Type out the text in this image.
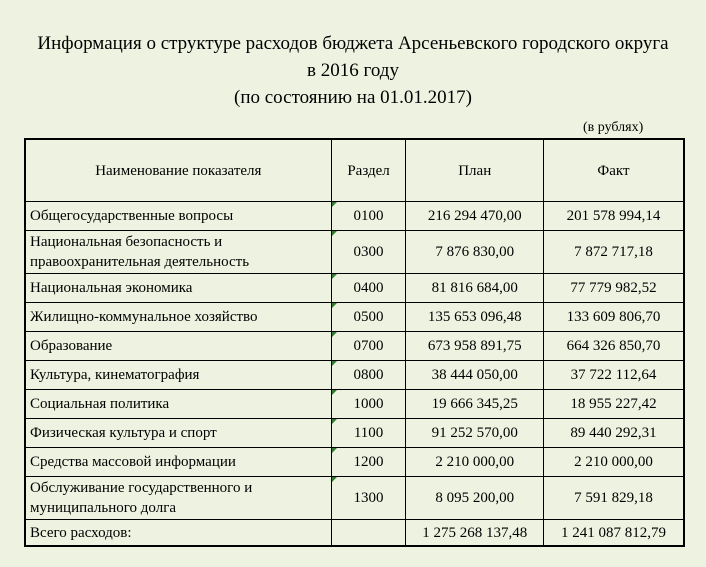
Информация о структуре расходов бюджета Арсеньевского городского округа
в 2016 году
(по состоянию на 01.01.2017)
(в рублях)
Наименование показателя	Раздел	План	Факт
Общегосударственные вопросы	0100	216 294 470,00	201 578 994,14
Национальная безопасность и правоохранительная деятельность	0300	7 876 830,00	7 872 717,18
Национальная экономика	0400	81 816 684,00	77 779 982,52
Жилищно-коммунальное хозяйство	0500	135 653 096,48	133 609 806,70
Образование	0700	673 958 891,75	664 326 850,70
Культура, кинематография	0800	38 444 050,00	37 722 112,64
Социальная политика	1000	19 666 345,25	18 955 227,42
Физическая культура и спорт	1100	91 252 570,00	89 440 292,31
Средства массовой информации	1200	2 210 000,00	2 210 000,00
Обслуживание государственного и муниципального долга	1300	8 095 200,00	7 591 829,18
Всего расходов:		1 275 268 137,48	1 241 087 812,79
